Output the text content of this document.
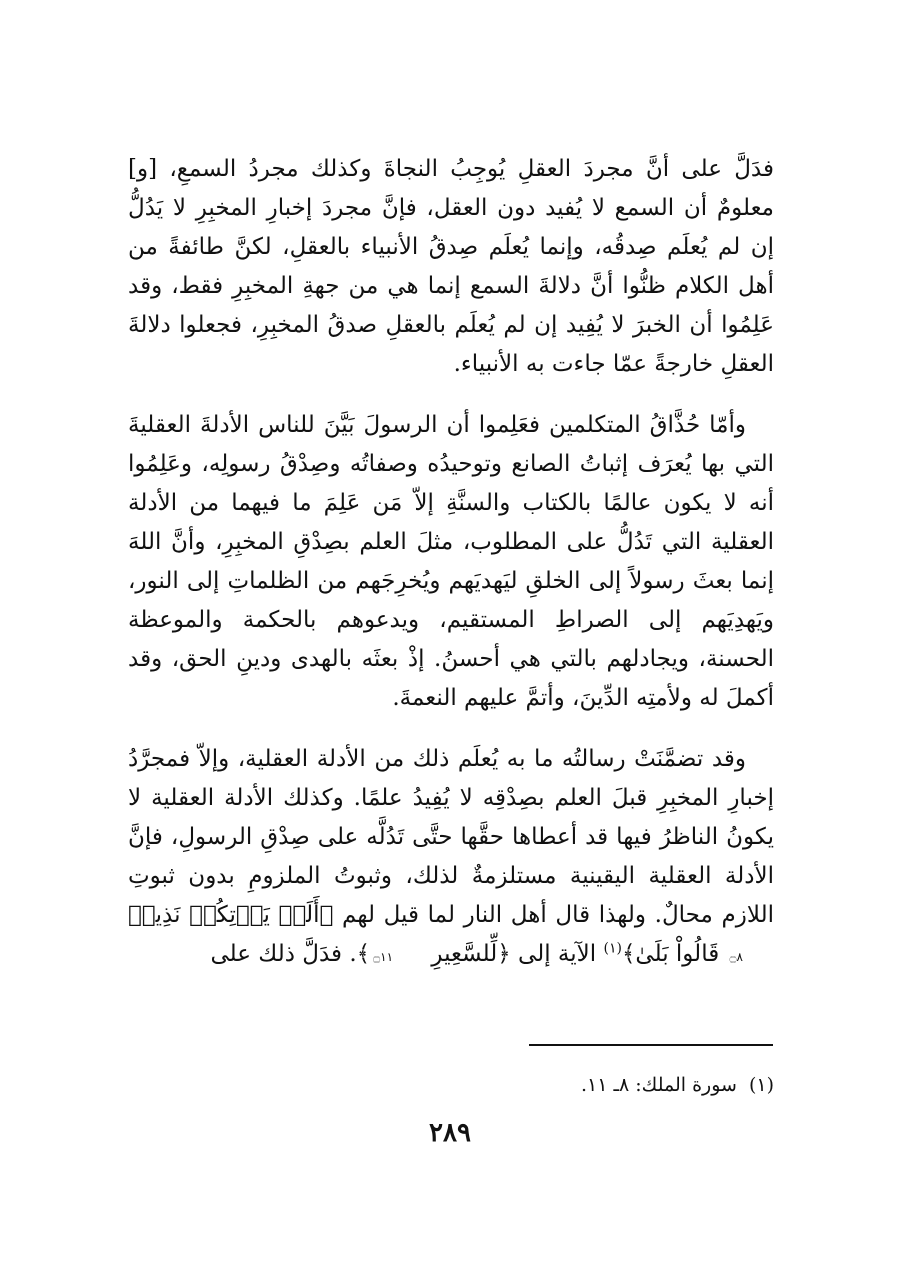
فدَلَّ على أنَّ مجردَ العقلِ يُوجِبُ النجاةَ وكذلك مجردُ السمعِ، [و] معلومٌ أن السمع لا يُفيد دون العقل، فإنَّ مجردَ إخبارِ المخبِرِ لا يَدُلُّ إن لم يُعلَم صِدقُه، وإنما يُعلَم صِدقُ الأنبياء بالعقلِ، لكنَّ طائفةً من أهل الكلام ظنُّوا أنَّ دلالةَ السمع إنما هي من جهةِ المخبِرِ فقط، وقد عَلِمُوا أن الخبرَ لا يُفِيد إن لم يُعلَم بالعقلِ صدقُ المخبِرِ، فجعلوا دلالةَ العقلِ خارجةً عمّا جاءت به الأنبياء.

وأمّا حُذَّاقُ المتكلمين فعَلِموا أن الرسولَ بَيَّنَ للناس الأدلةَ العقليةَ التي بها يُعرَف إثباتُ الصانع وتوحيدُه وصفاتُه وصِدْقُ رسولِه، وعَلِمُوا أنه لا يكون عالمًا بالكتاب والسنَّةِ إلاّ مَن عَلِمَ ما فيهما من الأدلة العقلية التي تَدُلُّ على المطلوب، مثلَ العلم بصِدْقِ المخبِرِ، وأنَّ اللهَ إنما بعثَ رسولاً إلى الخلقِ ليَهديَهم ويُخرِجَهم من الظلماتِ إلى النور، ويَهدِيَهم إلى الصراطِ المستقيم، ويدعوهم بالحكمة والموعظة الحسنة، ويجادلهم بالتي هي أحسنُ. إذْ بعثَه بالهدى ودينِ الحق، وقد أكملَ له ولأمتِه الدِّينَ، وأتمَّ عليهم النعمةَ.

وقد تضمَّنَتْ رسالتُه ما به يُعلَم ذلك من الأدلة العقلية، وإلاّ فمجرَّدُ إخبارِ المخبِرِ قبلَ العلم بصِدْقِه لا يُفِيدُ علمًا. وكذلك الأدلة العقلية لا يكونُ الناظرُ فيها قد أعطاها حقَّها حتَّى تَدُلَّه على صِدْقِ الرسولِ، فإنَّ الأدلة العقلية اليقينية مستلزمةٌ لذلك، وثبوتُ الملزومِ بدون ثبوتِ اللازم محالٌ. ولهذا قال أهل النار لما قيل لهم ﴿أَلَمۡ يَأۡتِكُمۡ نَذِيرٞ ۝٨ قَالُواْ بَلَىٰ﴾$^{(١)}$ الآية إلى ﴿لِّلسَّعِيرِ ۝١١﴾. فدَلَّ ذلك على

(١)سورة الملك: ٨ـ ١١.
٢٨٩
